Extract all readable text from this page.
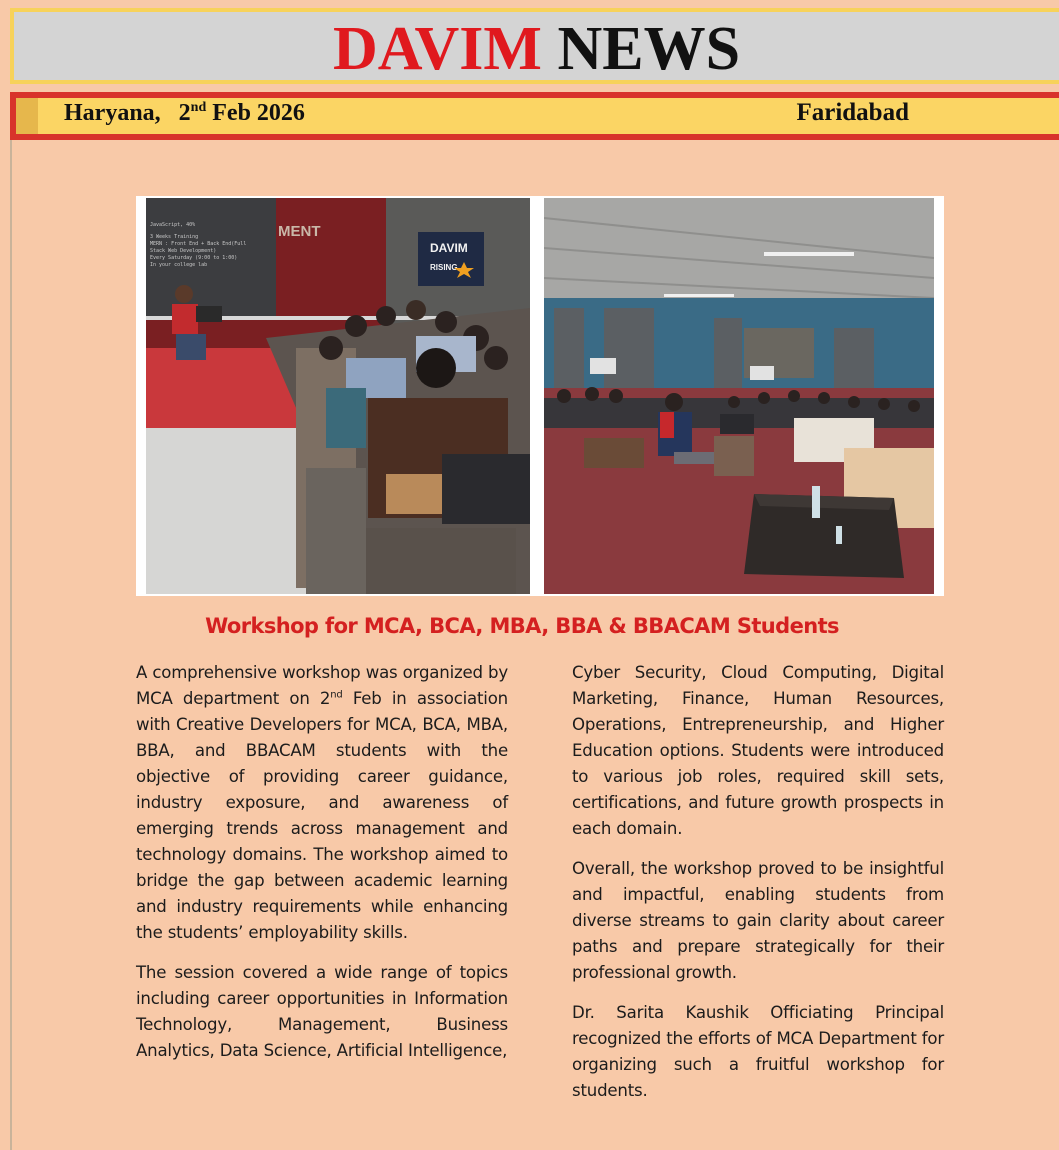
DAVIM NEWS
Haryana, 2nd Feb 2026	Faridabad
JavaScript, 40%
3 Weeks Training
MERN : Front End + Back End(Full
Stack Web Development)
Every Saturday (9:00 to 1:00)
In your college lab
MENT
DAVIM
RISING
Workshop for MCA, BCA, MBA, BBA & BBACAM Students

A comprehensive workshop was organized by MCA department on 2nd Feb in association with Creative Developers for MCA, BCA, MBA, BBA, and BBACAM students with the objective of providing career guidance, industry exposure, and awareness of emerging trends across management and technology domains. The workshop aimed to bridge the gap between academic learning and industry requirements while enhancing the students’ employability skills.

The session covered a wide range of topics including career opportunities in Information Technology, Management, Business Analytics, Data Science, Artificial Intelligence,

Cyber Security, Cloud Computing, Digital Marketing, Finance, Human Resources, Operations, Entrepreneurship, and Higher Education options. Students were introduced to various job roles, required skill sets, certifications, and future growth prospects in each domain.

Overall, the workshop proved to be insightful and impactful, enabling students from diverse streams to gain clarity about career paths and prepare strategically for their professional growth.

Dr. Sarita Kaushik Officiating Principal recognized the efforts of MCA Department for organizing such a fruitful workshop for students.
